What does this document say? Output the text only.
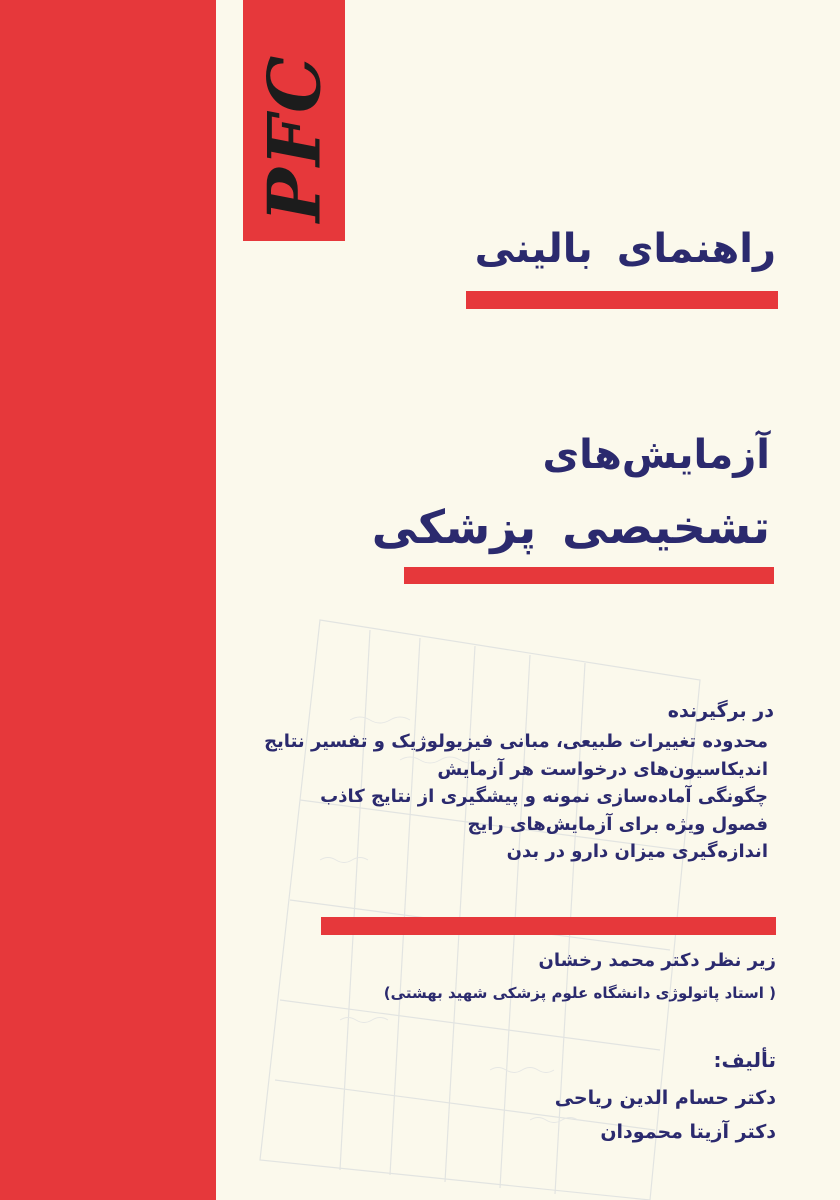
PFC
راهنمای بالینی
آزمایش‌های
تشخیصی پزشکی
در برگیرنده
محدوده تغییرات طبیعی، مبانی فیزیولوژیک و تفسیر نتایج
اندیکاسیون‌های درخواست هر آزمایش
چگونگی آماده‌سازی نمونه و پیشگیری از نتایج کاذب
فصول ویژه برای آزمایش‌های رایج
اندازه‌گیری میزان دارو در بدن
زیر نظر دکتر محمد رخشان
( استاد پاتولوژی دانشگاه علوم پزشکی شهید بهشتی)
تألیف:
دکتر حسام الدین ریاحی
دکتر آزیتا محمودان
